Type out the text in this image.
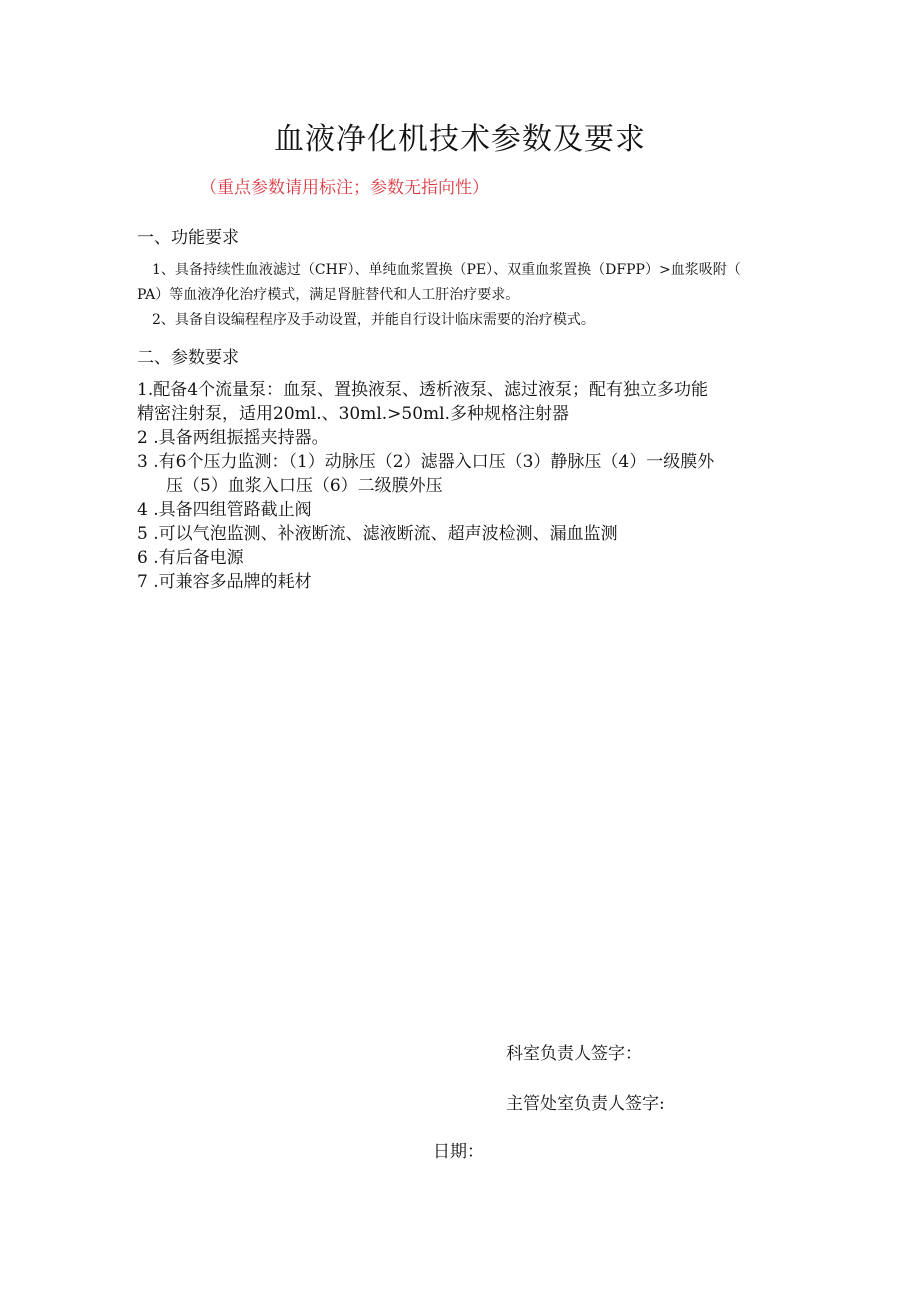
血液净化机技术参数及要求
（重点参数请用标注；参数无指向性）
一、功能要求
1、具备持续性血液滤过（CHF）、单纯血浆置换（PE）、双重血浆置换（DFPP）>血浆吸附（
PA）等血液净化治疗模式，满足肾脏替代和人工肝治疗要求。
2、具备自设编程程序及手动设置，并能自行设计临床需要的治疗模式。
二、参数要求
1.配备4个流量泵：血泵、置换液泵、透析液泵、滤过液泵；配有独立多功能
精密注射泵，适用20ml.、30ml.>50ml.多种规格注射器
2 .具备两组振摇夹持器。
3 .有6个压力监测：（1）动脉压（2）滤器入口压（3）静脉压（4）一级膜外
压（5）血浆入口压（6）二级膜外压
4 .具备四组管路截止阀
5 .可以气泡监测、补液断流、滤液断流、超声波检测、漏血监测
6 .有后备电源
7 .可兼容多品牌的耗材
科室负责人签字：
主管处室负责人签字:
日期：
